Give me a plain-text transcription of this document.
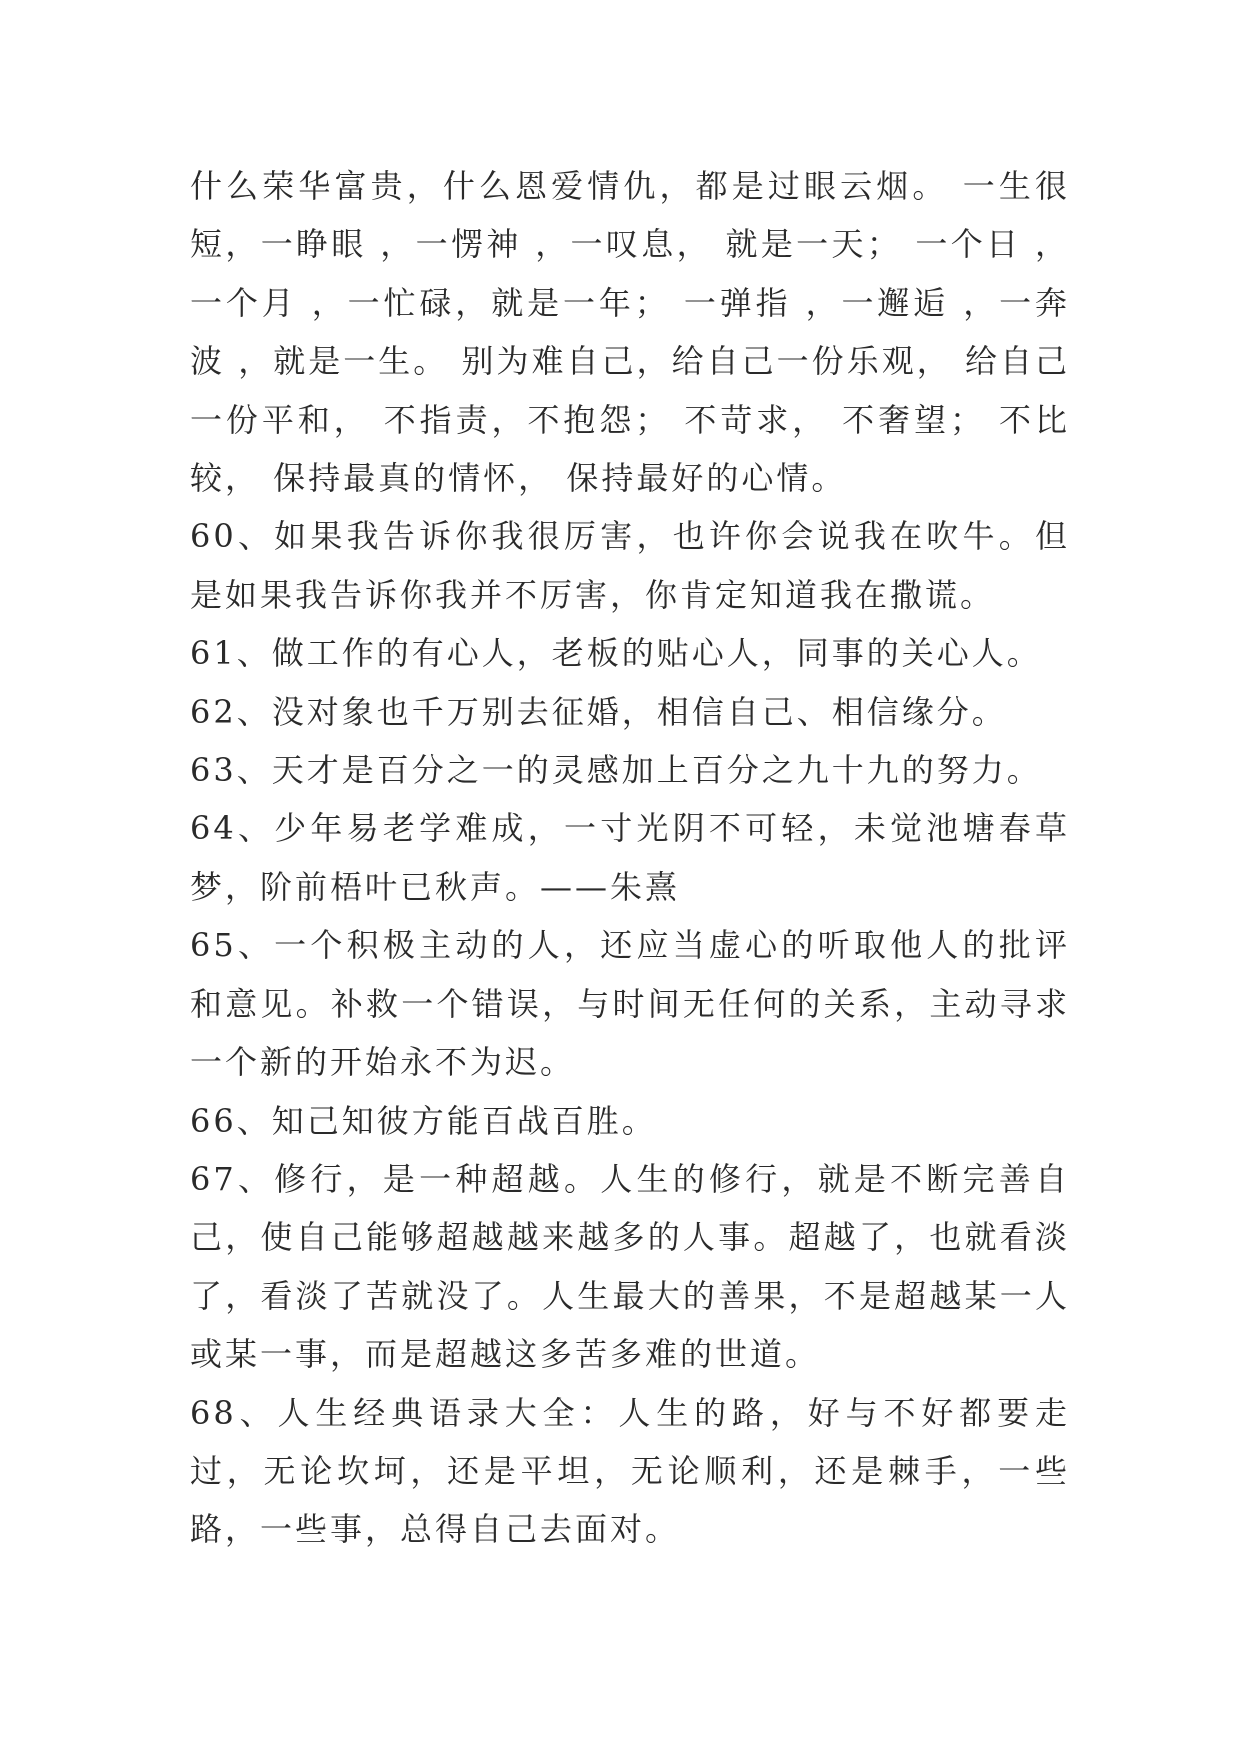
什么荣华富贵，什么恩爱情仇，都是过眼云烟。 一生很短，一睁眼 ，一愣神 ，一叹息， 就是一天； 一个日 ，一个月 ，一忙碌，就是一年； 一弹指 ，一邂逅 ，一奔波 ，就是一生。 别为难自己，给自己一份乐观， 给自己一份平和， 不指责，不抱怨； 不苛求， 不奢望； 不比较， 保持最真的情怀， 保持最好的心情。

60、如果我告诉你我很厉害，也许你会说我在吹牛。但是如果我告诉你我并不厉害，你肯定知道我在撒谎。

61、做工作的有心人，老板的贴心人，同事的关心人。

62、没对象也千万别去征婚，相信自己、相信缘分。

63、天才是百分之一的灵感加上百分之九十九的努力。

64、少年易老学难成，一寸光阴不可轻，未觉池塘春草梦，阶前梧叶已秋声。——朱熹

65、一个积极主动的人，还应当虚心的听取他人的批评和意见。补救一个错误，与时间无任何的关系，主动寻求一个新的开始永不为迟。

66、知己知彼方能百战百胜。

67、修行，是一种超越。人生的修行，就是不断完善自己，使自己能够超越越来越多的人事。超越了，也就看淡了，看淡了苦就没了。人生最大的善果，不是超越某一人或某一事，而是超越这多苦多难的世道。

68、人生经典语录大全：人生的路，好与不好都要走过，无论坎坷，还是平坦，无论顺利，还是棘手，一些路，一些事，总得自己去面对。
